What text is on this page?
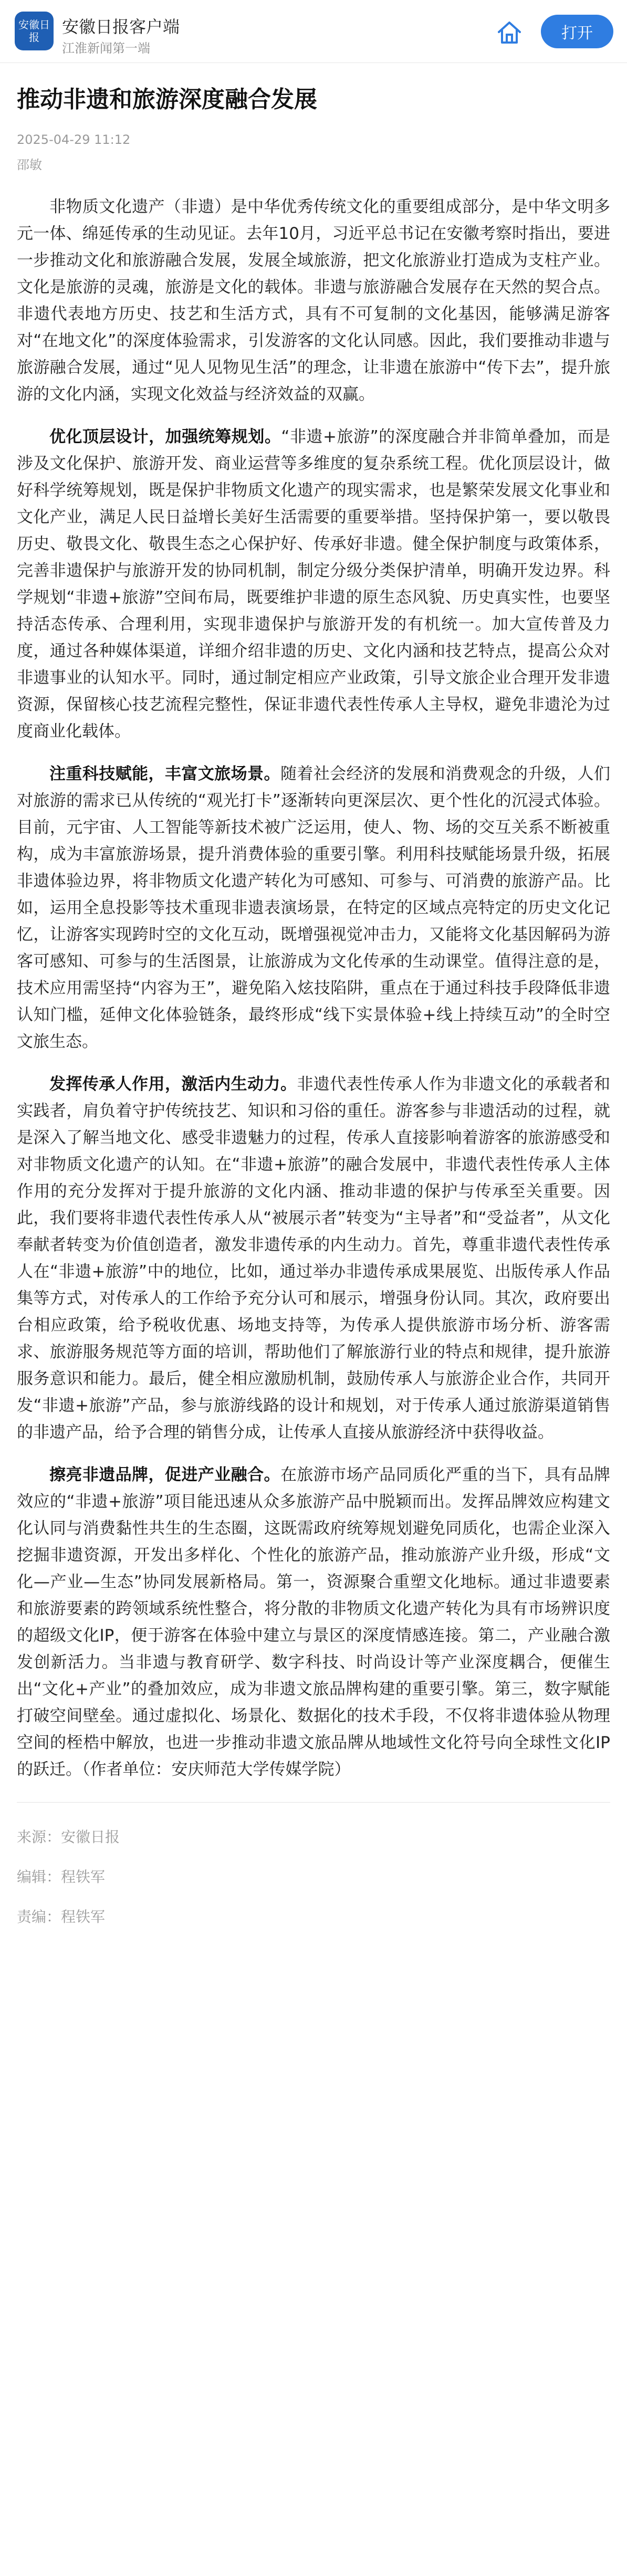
安徽日报
安徽日报客户端
江淮新闻第一端
打开
推动非遗和旅游深度融合发展
2025-04-29 11:12
邵敏

非物质文化遗产（非遗）是中华优秀传统文化的重要组成部分，是中华文明多元一体、绵延传承的生动见证。去年10月，习近平总书记在安徽考察时指出，要进一步推动文化和旅游融合发展，发展全域旅游，把文化旅游业打造成为支柱产业。文化是旅游的灵魂，旅游是文化的载体。非遗与旅游融合发展存在天然的契合点。非遗代表地方历史、技艺和生活方式，具有不可复制的文化基因，能够满足游客对“在地文化”的深度体验需求，引发游客的文化认同感。因此，我们要推动非遗与旅游融合发展，通过“见人见物见生活”的理念，让非遗在旅游中“传下去”，提升旅游的文化内涵，实现文化效益与经济效益的双赢。

优化顶层设计，加强统筹规划。“非遗+旅游”的深度融合并非简单叠加，而是涉及文化保护、旅游开发、商业运营等多维度的复杂系统工程。优化顶层设计，做好科学统筹规划，既是保护非物质文化遗产的现实需求，也是繁荣发展文化事业和文化产业，满足人民日益增长美好生活需要的重要举措。坚持保护第一，要以敬畏历史、敬畏文化、敬畏生态之心保护好、传承好非遗。健全保护制度与政策体系，完善非遗保护与旅游开发的协同机制，制定分级分类保护清单，明确开发边界。科学规划“非遗+旅游”空间布局，既要维护非遗的原生态风貌、历史真实性，也要坚持活态传承、合理利用，实现非遗保护与旅游开发的有机统一。加大宣传普及力度，通过各种媒体渠道，详细介绍非遗的历史、文化内涵和技艺特点，提高公众对非遗事业的认知水平。同时，通过制定相应产业政策，引导文旅企业合理开发非遗资源，保留核心技艺流程完整性，保证非遗代表性传承人主导权，避免非遗沦为过度商业化载体。

注重科技赋能，丰富文旅场景。随着社会经济的发展和消费观念的升级，人们对旅游的需求已从传统的“观光打卡”逐渐转向更深层次、更个性化的沉浸式体验。目前，元宇宙、人工智能等新技术被广泛运用，使人、物、场的交互关系不断被重构，成为丰富旅游场景，提升消费体验的重要引擎。利用科技赋能场景升级，拓展非遗体验边界，将非物质文化遗产转化为可感知、可参与、可消费的旅游产品。比如，运用全息投影等技术重现非遗表演场景，在特定的区域点亮特定的历史文化记忆，让游客实现跨时空的文化互动，既增强视觉冲击力，又能将文化基因解码为游客可感知、可参与的生活图景，让旅游成为文化传承的生动课堂。值得注意的是，技术应用需坚持“内容为王”，避免陷入炫技陷阱，重点在于通过科技手段降低非遗认知门槛，延伸文化体验链条，最终形成“线下实景体验+线上持续互动”的全时空文旅生态。

发挥传承人作用，激活内生动力。非遗代表性传承人作为非遗文化的承载者和实践者，肩负着守护传统技艺、知识和习俗的重任。游客参与非遗活动的过程，就是深入了解当地文化、感受非遗魅力的过程，传承人直接影响着游客的旅游感受和对非物质文化遗产的认知。在“非遗+旅游”的融合发展中，非遗代表性传承人主体作用的充分发挥对于提升旅游的文化内涵、推动非遗的保护与传承至关重要。因此，我们要将非遗代表性传承人从“被展示者”转变为“主导者”和“受益者”，从文化奉献者转变为价值创造者，激发非遗传承的内生动力。首先，尊重非遗代表性传承人在“非遗+旅游”中的地位，比如，通过举办非遗传承成果展览、出版传承人作品集等方式，对传承人的工作给予充分认可和展示，增强身份认同。其次，政府要出台相应政策，给予税收优惠、场地支持等，为传承人提供旅游市场分析、游客需求、旅游服务规范等方面的培训，帮助他们了解旅游行业的特点和规律，提升旅游服务意识和能力。最后，健全相应激励机制，鼓励传承人与旅游企业合作，共同开发“非遗+旅游”产品，参与旅游线路的设计和规划，对于传承人通过旅游渠道销售的非遗产品，给予合理的销售分成，让传承人直接从旅游经济中获得收益。

擦亮非遗品牌，促进产业融合。在旅游市场产品同质化严重的当下，具有品牌效应的“非遗+旅游”项目能迅速从众多旅游产品中脱颖而出。发挥品牌效应构建文化认同与消费黏性共生的生态圈，这既需政府统筹规划避免同质化，也需企业深入挖掘非遗资源，开发出多样化、个性化的旅游产品，推动旅游产业升级，形成“文化—产业—生态”协同发展新格局。第一，资源聚合重塑文化地标。通过非遗要素和旅游要素的跨领域系统性整合，将分散的非物质文化遗产转化为具有市场辨识度的超级文化IP，便于游客在体验中建立与景区的深度情感连接。第二，产业融合激发创新活力。当非遗与教育研学、数字科技、时尚设计等产业深度耦合，便催生出“文化+产业”的叠加效应，成为非遗文旅品牌构建的重要引擎。第三，数字赋能打破空间壁垒。通过虚拟化、场景化、数据化的技术手段，不仅将非遗体验从物理空间的桎梏中解放，也进一步推动非遗文旅品牌从地域性文化符号向全球性文化IP的跃迁。（作者单位：安庆师范大学传媒学院）

来源：安徽日报
编辑：程铁军
责编：程铁军
